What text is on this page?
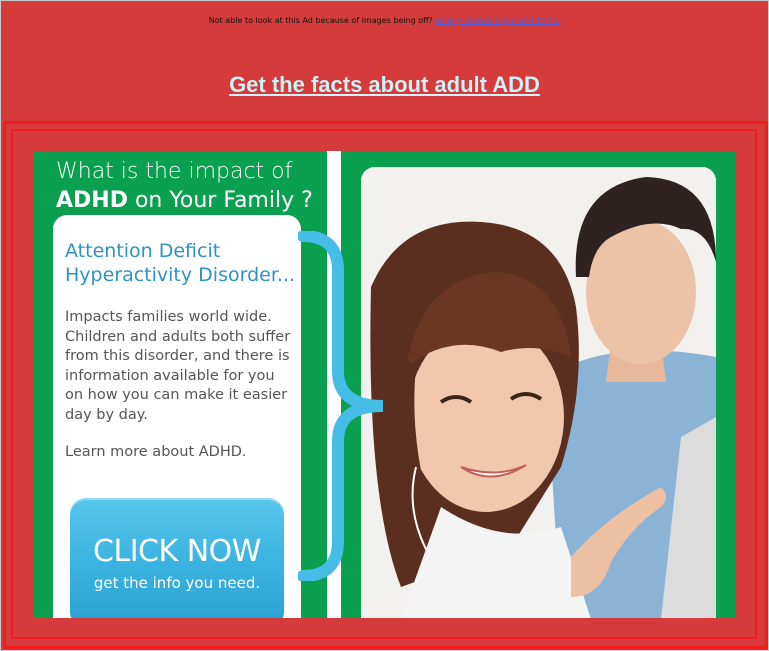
Not able to look at this Ad because of images being off? simply browse right here to fix.
Get the facts about adult ADD
What is the impact of
ADHD on Your Family ?
Attention Deficit
Hyperactivity Disorder...
Impacts families world wide. Children and adults both suffer from this disorder, and there is information available for you on how you can make it easier day by day.
Learn more about ADHD.
CLICK NOW
get the info you need.
